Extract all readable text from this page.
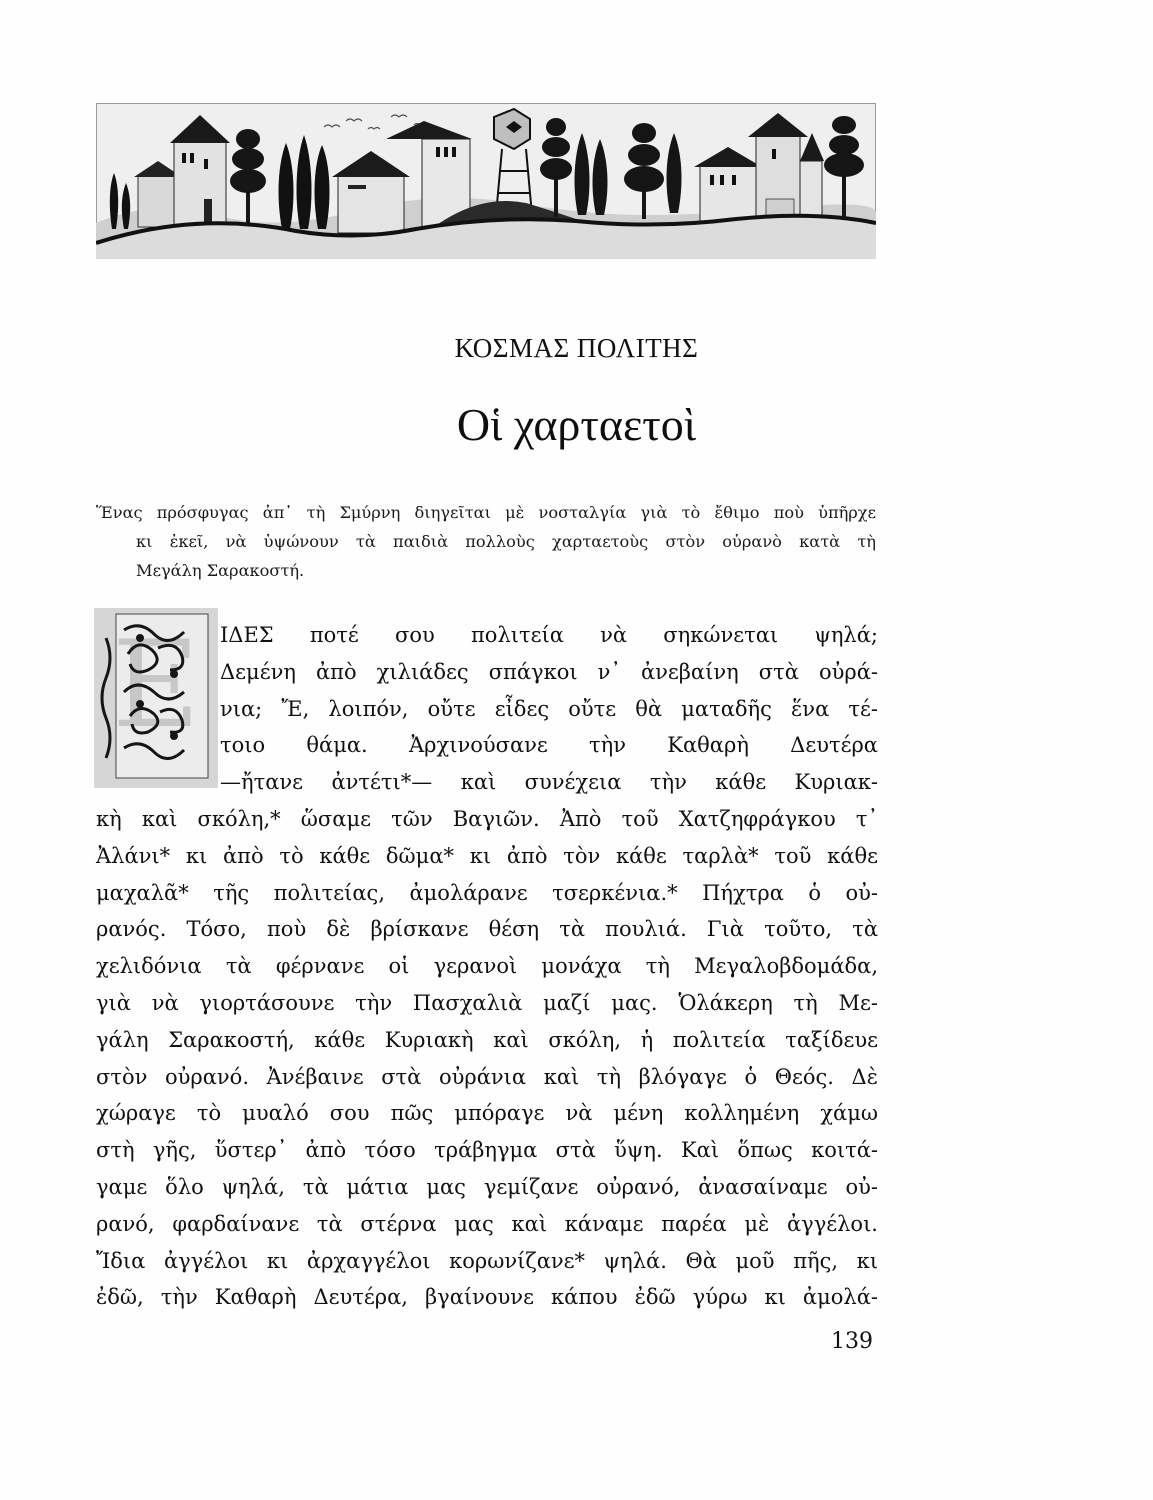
ΚΟΣΜΑΣ ΠΟΛΙΤΗΣ
Οἱ χαρταετοὶ
Ἕνας πρόσφυγας ἀπ᾽ τὴ Σμύρνη διηγεῖται μὲ νοσταλγία γιὰ τὸ ἔθιμο ποὺ ὑπῆρχε
κι ἐκεῖ, νὰ ὑψώνουν τὰ παιδιὰ πολλοὺς χαρταετοὺς στὸν οὐρανὸ κατὰ τὴ
Μεγάλη Σαρακοστή.
Ε ΙΔΕΣ ποτέ σου πολιτεία νὰ σηκώνεται ψηλά;
Δεμένη ἀπὸ χιλιάδες σπάγκοι ν᾽ ἀνεβαίνη στὰ οὐρά-
νια; Ἔ, λοιπόν, οὔτε εἶδες οὔτε θὰ ματαδῆς ἕνα τέ-
τοιο θάμα. Ἀρχινούσανε τὴν Καθαρὴ Δευτέρα
—ἤτανε ἀντέτι*— καὶ συνέχεια τὴν κάθε Κυριακ-
κὴ καὶ σκόλη,* ὥσαμε τῶν Βαγιῶν. Ἀπὸ τοῦ Χατζηφράγκου τ᾽
Ἀλάνι* κι ἀπὸ τὸ κάθε δῶμα* κι ἀπὸ τὸν κάθε ταρλὰ* τοῦ κάθε
μαχαλᾶ* τῆς πολιτείας, ἀμολάρανε τσερκένια.* Πήχτρα ὁ οὐ-
ρανός. Τόσο, ποὺ δὲ βρίσκανε θέση τὰ πουλιά. Γιὰ τοῦτο, τὰ
χελιδόνια τὰ φέρνανε οἱ γερανοὶ μονάχα τὴ Μεγαλοβδομάδα,
γιὰ νὰ γιορτάσουνε τὴν Πασχαλιὰ μαζί μας. Ὁλάκερη τὴ Με-
γάλη Σαρακοστή, κάθε Κυριακὴ καὶ σκόλη, ἡ πολιτεία ταξίδευε
στὸν οὐρανό. Ἀνέβαινε στὰ οὐράνια καὶ τὴ βλόγαγε ὁ Θεός. Δὲ
χώραγε τὸ μυαλό σου πῶς μπόραγε νὰ μένη κολλημένη χάμω
στὴ γῆς, ὕστερ᾽ ἀπὸ τόσο τράβηγμα στὰ ὕψη. Καὶ ὅπως κοιτά-
γαμε ὅλο ψηλά, τὰ μάτια μας γεμίζανε οὐρανό, ἀνασαίναμε οὐ-
ρανό, φαρδαίνανε τὰ στέρνα μας καὶ κάναμε παρέα μὲ ἀγγέλοι.
Ἴδια ἀγγέλοι κι ἀρχαγγέλοι κορωνίζανε* ψηλά. Θὰ μοῦ πῆς, κι
ἐδῶ, τὴν Καθαρὴ Δευτέρα, βγαίνουνε κάπου ἐδῶ γύρω κι ἀμολά-
139
